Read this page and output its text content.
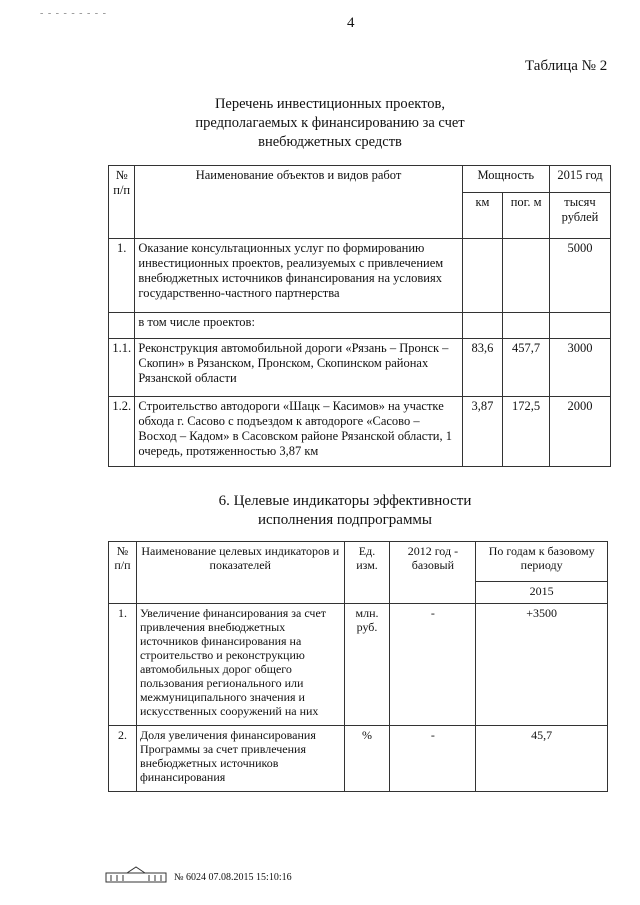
- - - - - - - - -
4
Таблица № 2
Перечень инвестиционных проектов,
предполагаемых к финансированию за счет
внебюджетных средств
№ п/п	Наименование объектов и видов работ	Мощность		2015 год
		км	пог. м	тысяч рублей
1.	Оказание консультационных услуг по формированию инвестиционных проектов, реализуемых с привлечением внебюджетных источников финансирования на условиях государственно-частного партнерства			5000
	в том числе проектов:			
1.1.	Реконструкция автомобильной дороги «Рязань – Пронск – Скопин» в Рязанском, Пронском, Скопинском районах Рязанской области	83,6	457,7	3000
1.2.	Строительство автодороги «Шацк – Касимов» на участке обхода г. Сасово с подъездом к автодороге «Сасово – Восход – Кадом» в Сасовском районе Рязанской области, 1 очередь, протяженностью 3,87 км	3,87	172,5	2000
6. Целевые индикаторы эффективности
исполнения подпрограммы
№ п/п	Наименование целевых индикаторов и показателей	Ед. изм.	2012 год - базовый	По годам к базовому периоду
				2015
1.	Увеличение финансирования за счет привлечения внебюджетных источников финансирования на строительство и реконструкцию автомобильных дорог общего пользования регионального или межмуниципального значения и искусственных сооружений на них	млн. руб.	-	+3500
2.	Доля увеличения финансирования Программы за счет привлечения внебюджетных источников финансирования	%	-	45,7
№ 6024 07.08.2015 15:10:16
